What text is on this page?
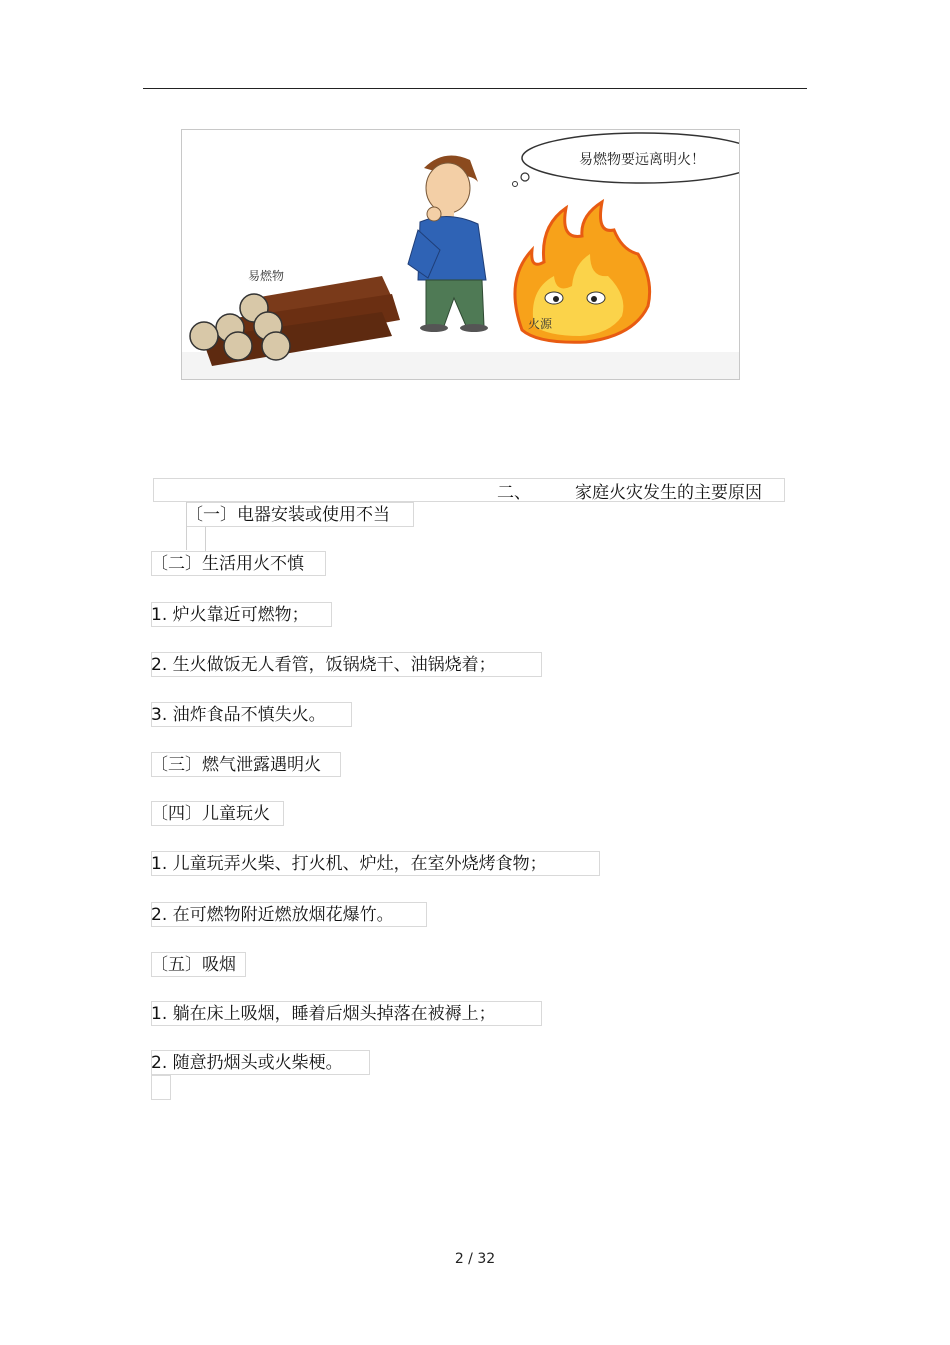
易燃物要远离明火！
易燃物
火源
二、	家庭火灾发生的主要原因
〔一〕电器安装或使用不当
〔二〕生活用火不慎
1. 炉火靠近可燃物；
2. 生火做饭无人看管，饭锅烧干、油锅烧着；
3. 油炸食品不慎失火。
〔三〕燃气泄露遇明火
〔四〕儿童玩火
1. 儿童玩弄火柴、打火机、炉灶，在室外烧烤食物；
2. 在可燃物附近燃放烟花爆竹。
〔五〕吸烟
1. 躺在床上吸烟，睡着后烟头掉落在被褥上；
2. 随意扔烟头或火柴梗。
2 / 32
